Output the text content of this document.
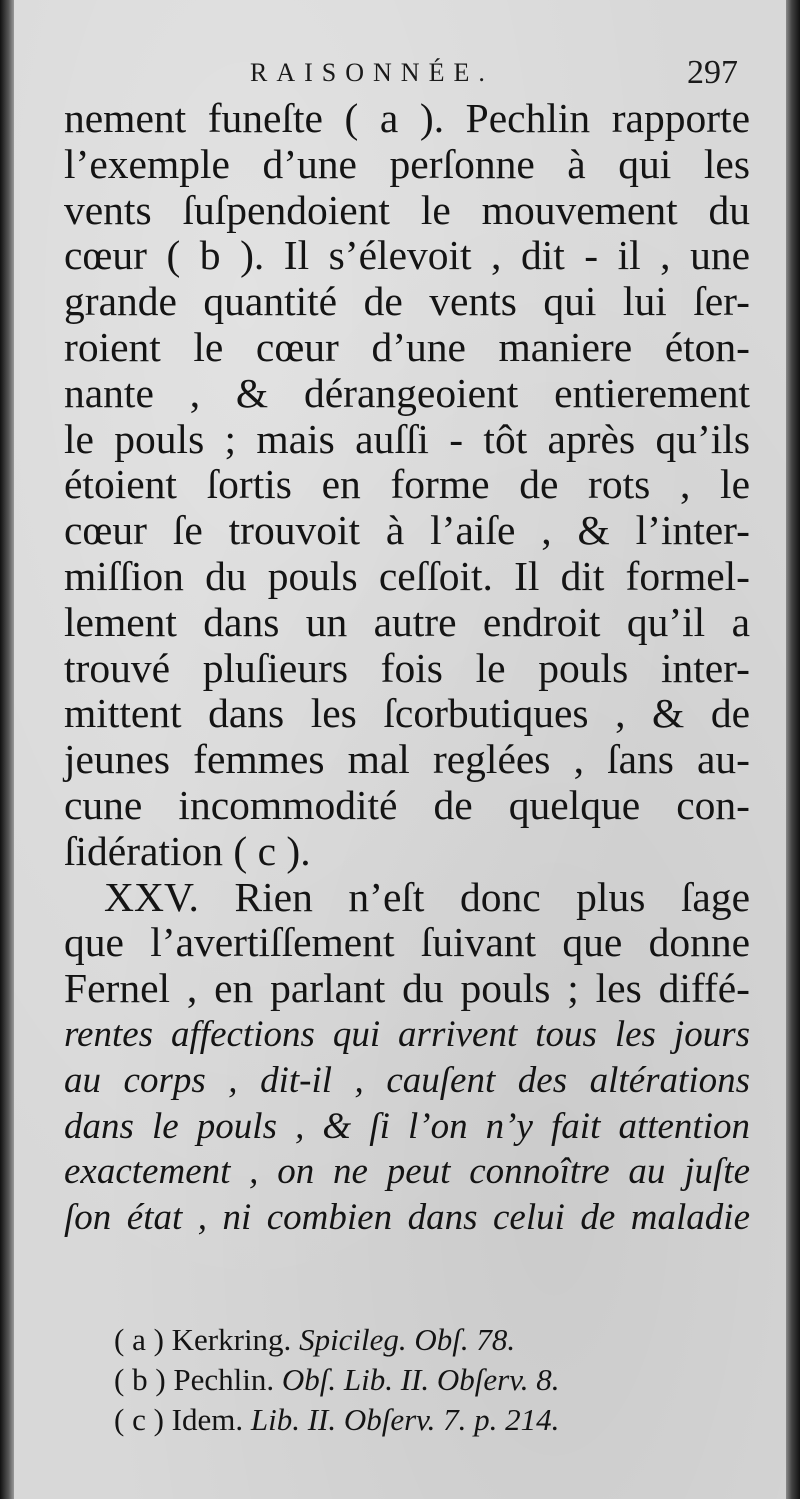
RAISONNÉE.	297
nement funeſte ( a ). Pechlin rapporte
l’exemple d’une perſonne à qui les
vents ſuſpendoient le mouvement du
cœur ( b ). Il s’élevoit , dit - il , une
grande quantité de vents qui lui ſer-
roient le cœur d’une maniere éton-
nante , & dérangeoient entierement
le pouls ; mais auſſi - tôt après qu’ils
étoient ſortis en forme de rots , le
cœur ſe trouvoit à l’aiſe , & l’inter-
miſſion du pouls ceſſoit. Il dit formel-
lement dans un autre endroit qu’il a
trouvé pluſieurs fois le pouls inter-
mittent dans les ſcorbutiques , & de
jeunes femmes mal reglées , ſans au-
cune incommodité de quelque con-
ſidération ( c ).
XXV. Rien n’eſt donc plus ſage
que l’avertiſſement ſuivant que donne
Fernel , en parlant du pouls ; les diffé-
rentes affections qui arrivent tous les jours
au corps , dit-il , cauſent des altérations
dans le pouls , & ſi l’on n’y fait attention
exactement , on ne peut connoître au juſte
ſon état , ni combien dans celui de maladie
( a ) Kerkring. Spicileg. Obſ. 78.
( b ) Pechlin. Obſ. Lib. II. Obſerv. 8.
( c ) Idem. Lib. II. Obſerv. 7. p. 214.
